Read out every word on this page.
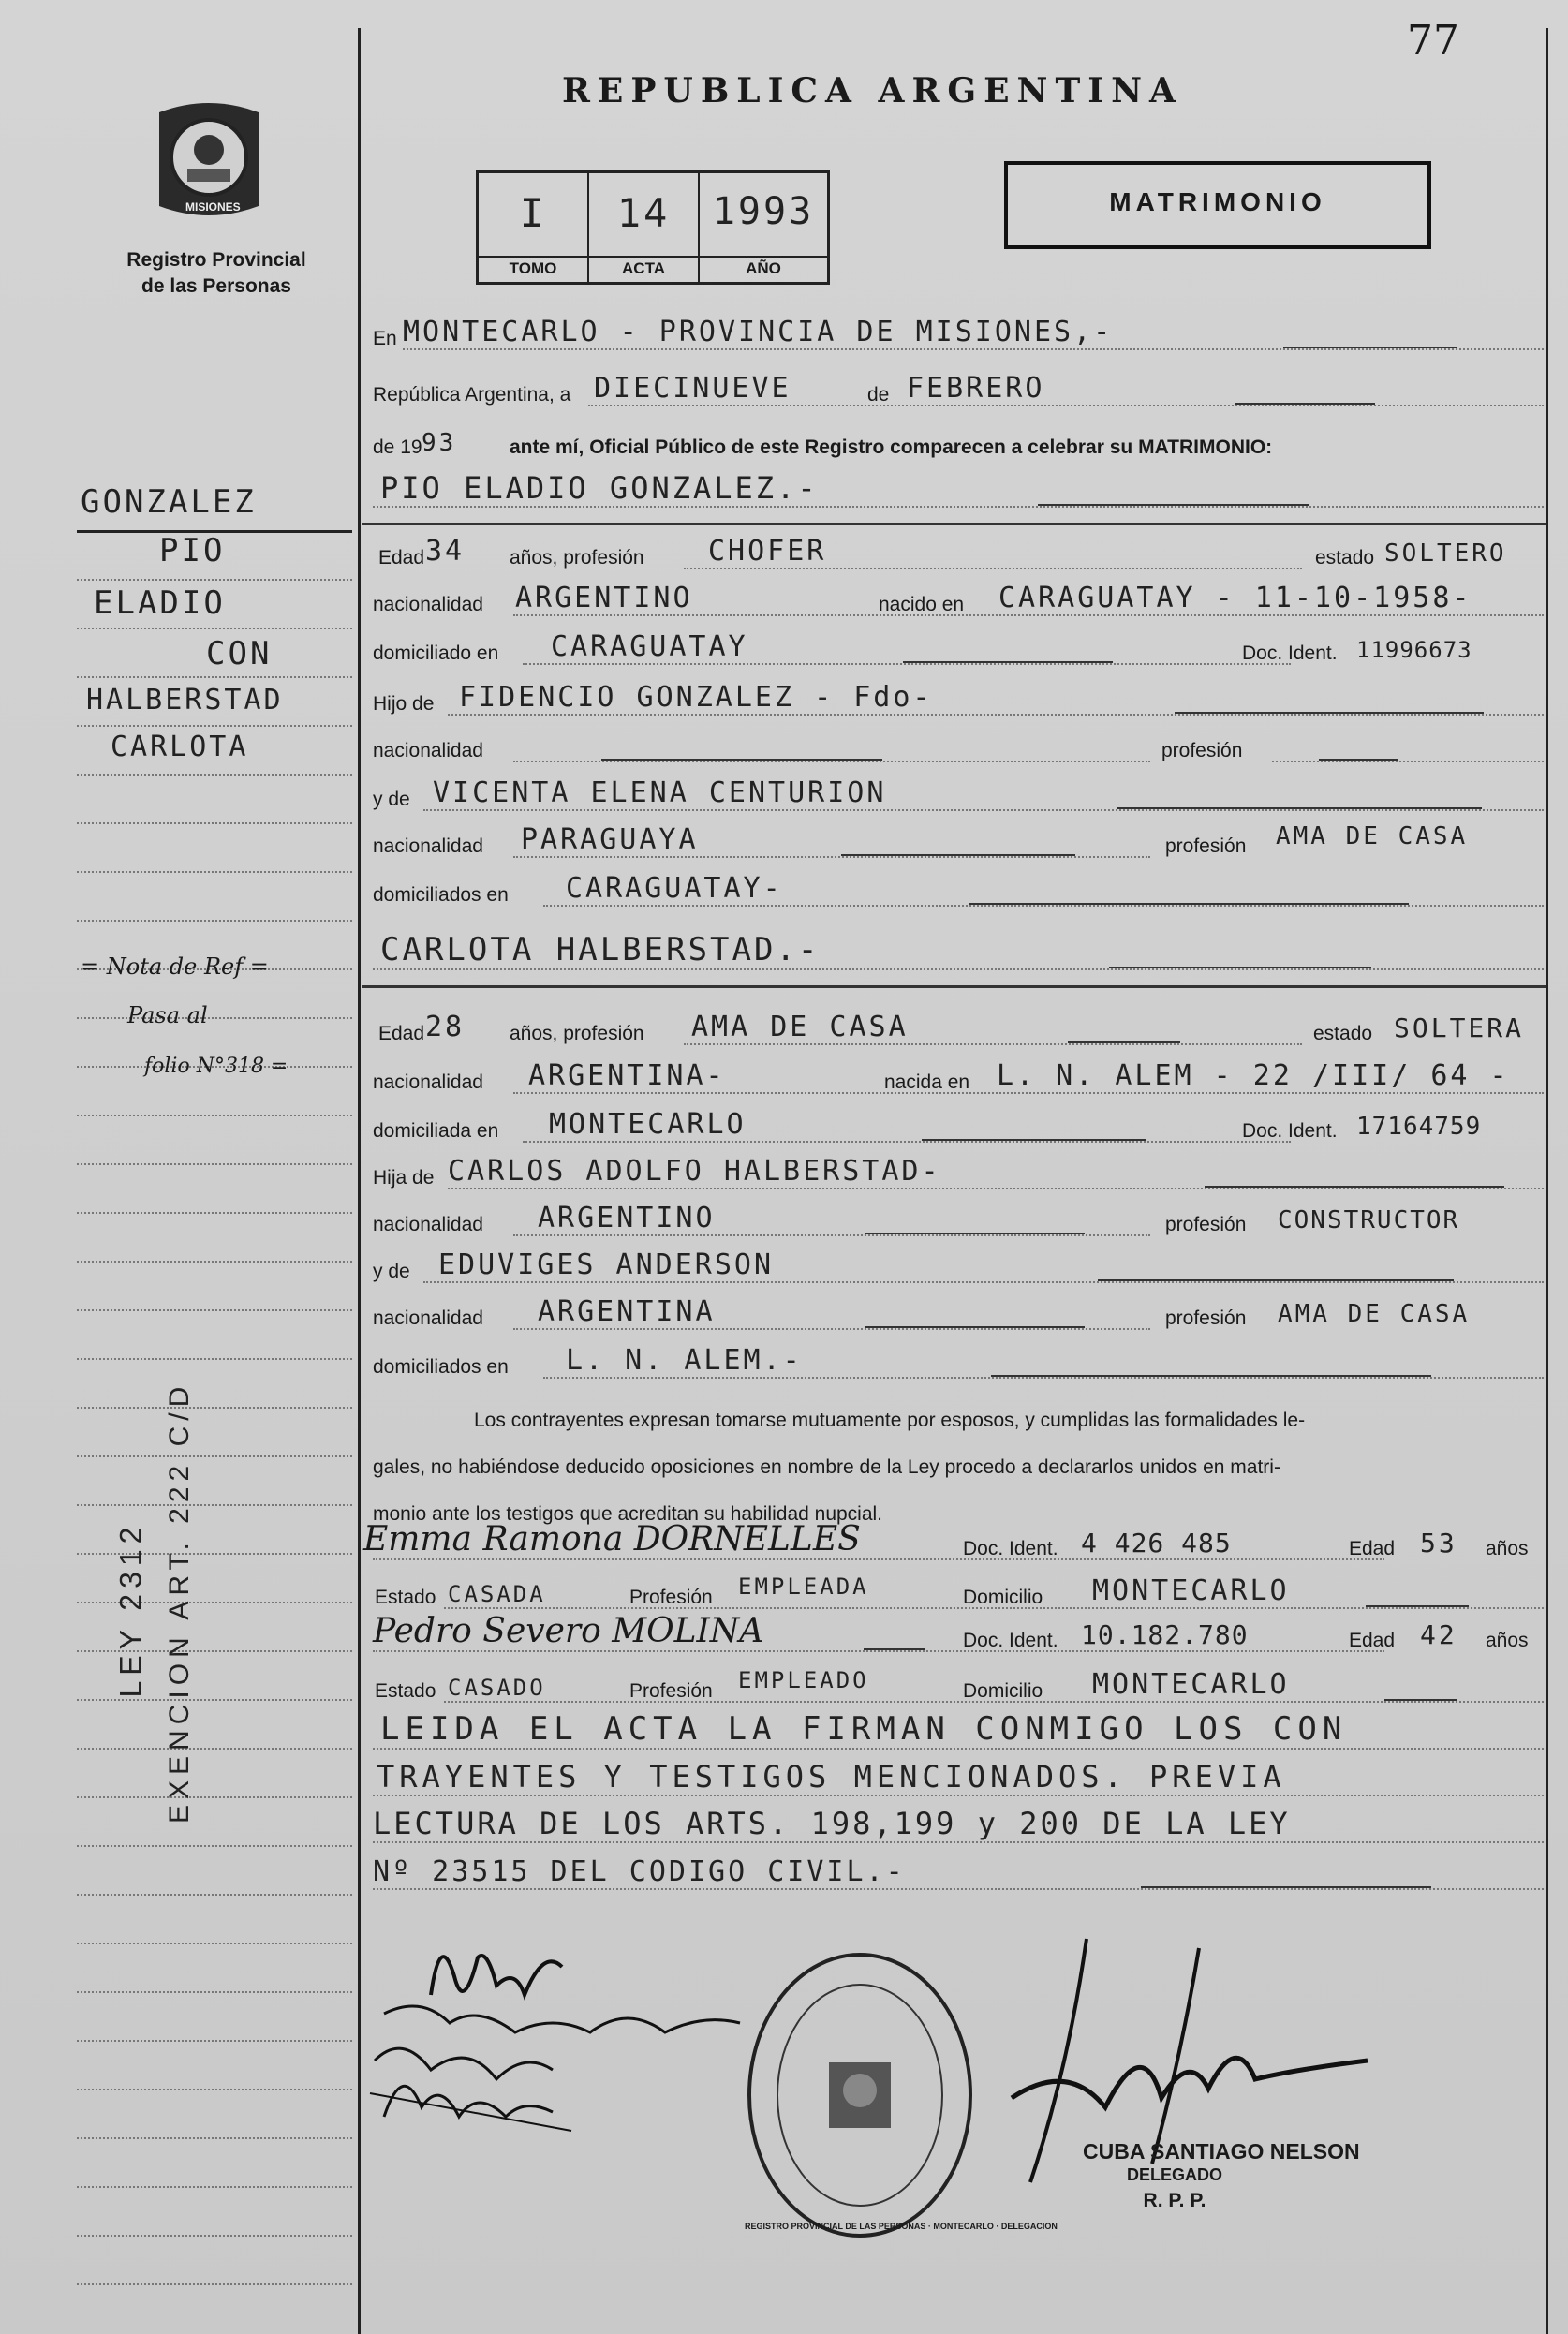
77
MISIONES
Registro Provincial
de las Personas
REPUBLICA ARGENTINA
I
TOMO
14
ACTA
1993
AÑO
MATRIMONIO
En MONTECARLO - PROVINCIA DE MISIONES,-
República Argentina, a DIECINUEVE	de FEBRERO
de 19 93	ante mí, Oficial Público de este Registro comparecen a celebrar su MATRIMONIO:
PIO ELADIO GONZALEZ.-
Edad 34 años, profesión CHOFER	estado SOLTERO
nacionalidad ARGENTINO	nacido en CARAGUATAY - 11-10-1958-
domiciliado en CARAGUATAY	Doc. Ident. 11996673
Hijo de FIDENCIO GONZALEZ - Fdo-
nacionalidad	profesión
y de VICENTA ELENA CENTURION
nacionalidad PARAGUAYA	profesión AMA DE CASA
domiciliados en CARAGUATAY-
CARLOTA HALBERSTAD.-
Edad 28 años, profesión AMA DE CASA	estado SOLTERA
nacionalidad ARGENTINA-	nacida en L. N. ALEM - 22 /III/ 64 -
domiciliada en MONTECARLO	Doc. Ident. 17164759
Hija de CARLOS ADOLFO HALBERSTAD-
nacionalidad ARGENTINO	profesión CONSTRUCTOR
y de EDUVIGES ANDERSON
nacionalidad ARGENTINA	profesión AMA DE CASA
domiciliados en L. N. ALEM.-
Los contrayentes expresan tomarse mutuamente por esposos, y cumplidas las formalidades le-
gales, no habiéndose deducido oposiciones en nombre de la Ley procedo a declararlos unidos en matri-
monio ante los testigos que acreditan su habilidad nupcial.
Emma Ramona DORNELLES	Doc. Ident. 4 426 485	Edad 53 años
Estado CASADA	Profesión EMPLEADA	Domicilio MONTECARLO
Pedro Severo MOLINA	Doc. Ident. 10.182.780	Edad 42 años
Estado CASADO	Profesión EMPLEADO	Domicilio MONTECARLO
LEIDA EL ACTA LA FIRMAN CONMIGO LOS CON
TRAYENTES Y TESTIGOS MENCIONADOS. PREVIA
LECTURA DE LOS ARTS. 198,199 y 200 DE LA LEY
Nº 23515 DEL CODIGO CIVIL.-
REGISTRO PROVINCIAL DE LAS PERSONAS · MONTECARLO · DELEGACION
CUBA SANTIAGO NELSON
DELEGADO
R. P. P.
GONZALEZ
PIO
ELADIO
CON
HALBERSTAD
CARLOTA
= Nota de Ref =
Pasa al
folio N°318 =
LEY 2312 EXENCION ART. 222 C/D
